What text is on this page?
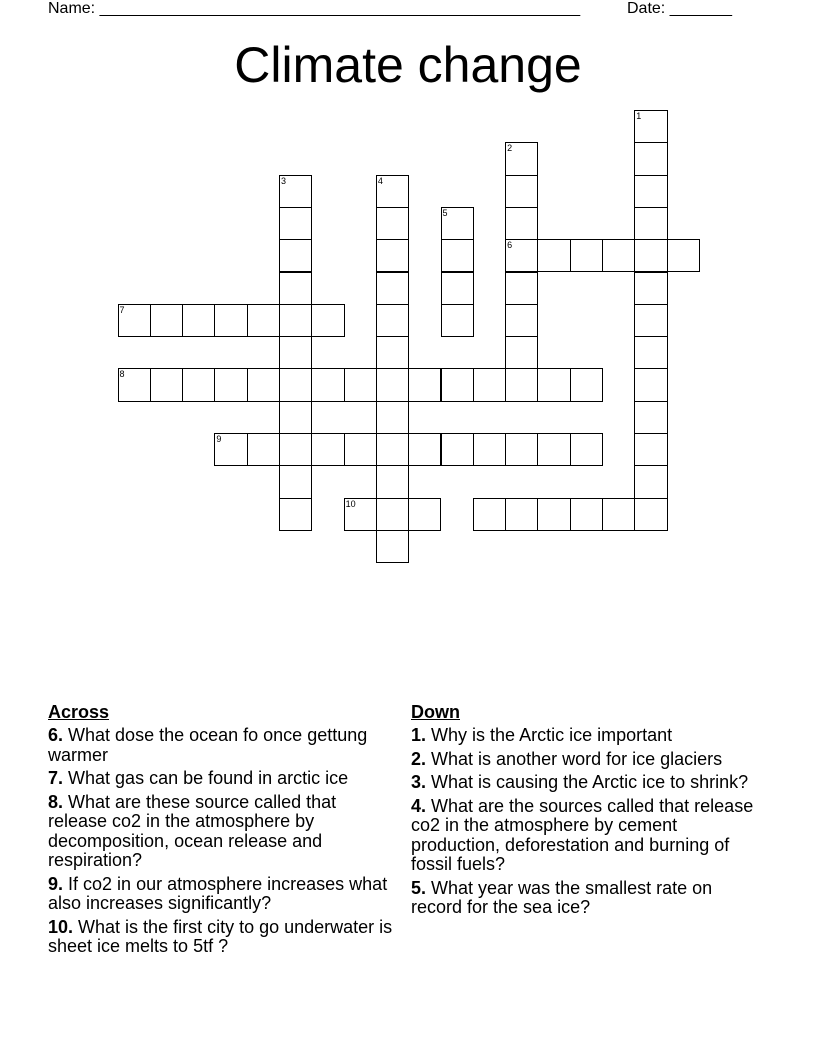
Name: ______________________________________________________	Date: _______
Climate change
1
2
6
3	4
5
7
8
9
10
Across
6. What dose the ocean fo once gettung warmer
7. What gas can be found in arctic ice
8. What are these source called that release co2 in the atmosphere by decomposition, ocean release and respiration?
9. If co2 in our atmosphere increases what also increases significantly?
10. What is the first city to go underwater is sheet ice melts to 5tf ?
Down
1. Why is the Arctic ice important
2. What is another word for ice glaciers
3. What is causing the Arctic ice to shrink?
4. What are the sources called that release co2 in the atmosphere by cement production, deforestation and burning of fossil fuels?
5. What year was the smallest rate on record for the sea ice?
